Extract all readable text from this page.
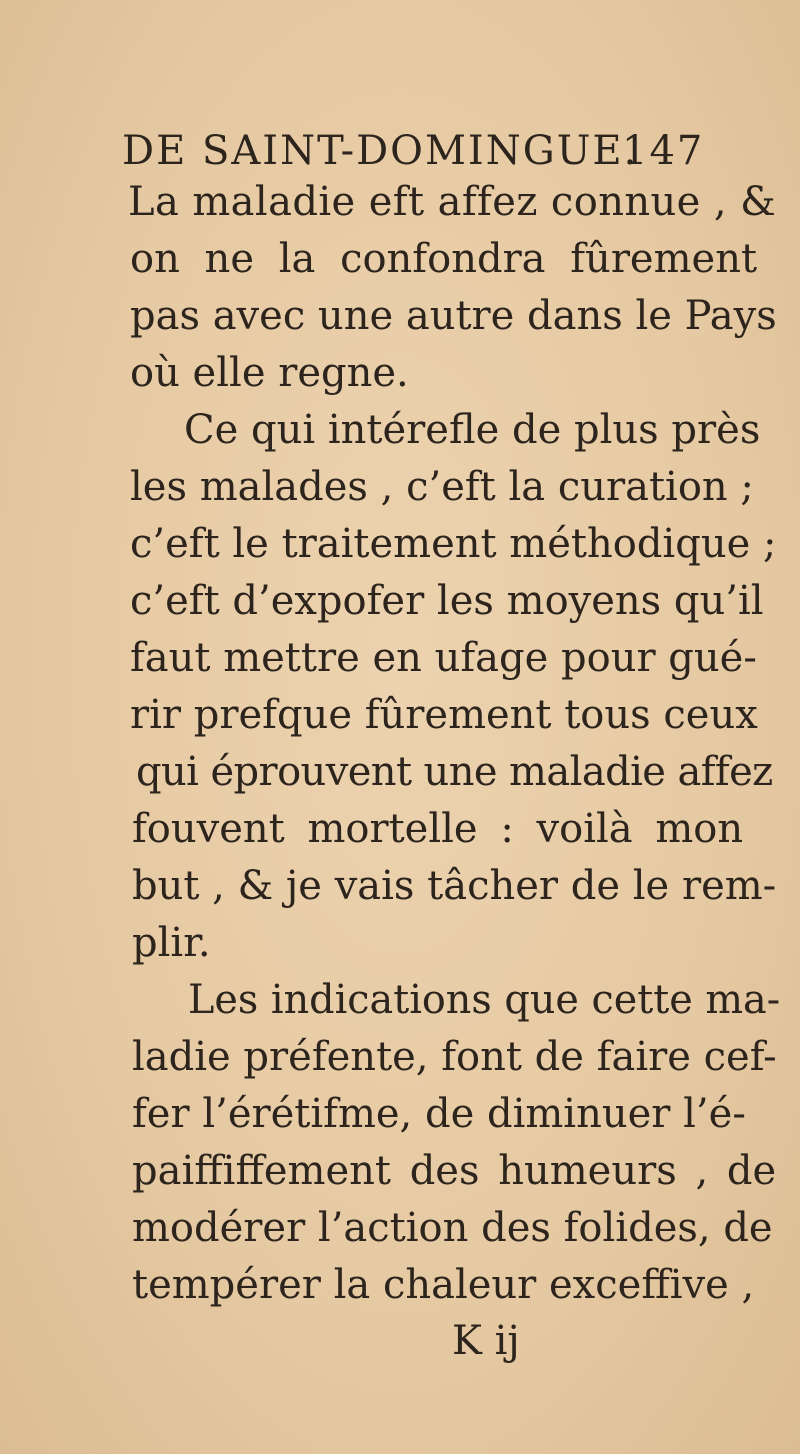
DE SAINT-DOMINGUE.
147
La maladie eft affez connue , &
on ne la confondra fûrement
pas avec une autre dans le Pays
où elle regne.
Ce qui intérefle de plus près
les malades , c’eft la curation ;
c’eft le traitement méthodique ;
c’eft d’expofer les moyens qu’il
faut mettre en ufage pour gué-
rir prefque fûrement tous ceux
qui éprouvent une maladie affez
fouvent mortelle : voilà mon
but , & je vais tâcher de le rem-
plir.
Les indications que cette ma-
ladie préfente, font de faire cef-
fer l’érétifme, de diminuer l’é-
paiffiffement des humeurs , de
modérer l’action des folides, de
tempérer la chaleur exceffive ,
K ij
